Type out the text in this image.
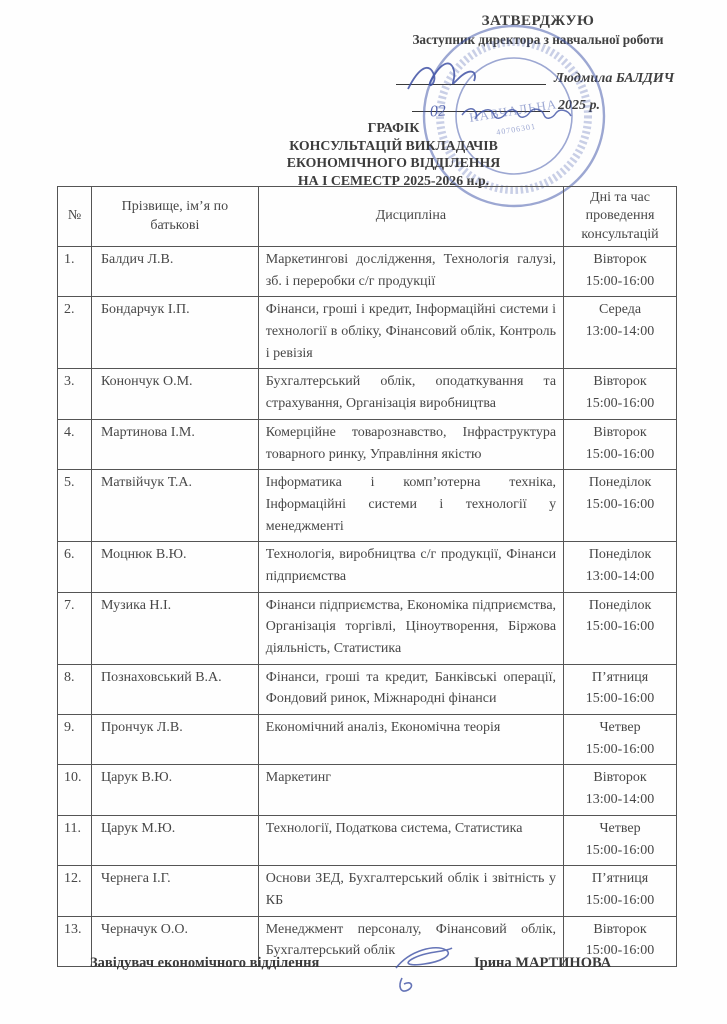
ЗАТВЕРДЖУЮ
Заступник директора з навчальної роботи
Людмила БАЛДИЧ
2025 р.
02 НАВЧАЛЬНА
40706301
ГРАФІК
КОНСУЛЬТАЦІЙ ВИКЛАДАЧІВ
ЕКОНОМІЧНОГО ВІДДІЛЕННЯ
НА І СЕМЕСТР 2025-2026 н.р.
№	Прізвище, ім’я по батькові	Дисципліна	Дні та час проведення консультацій
1.	Балдич Л.В.	Маркетингові дослідження, Технологія галузі, зб. і переробки с/г продукції	Вівторок
15:00-16:00

2.	Бондарчук І.П.	Фінанси, гроші і кредит, Інформаційні системи і технології в обліку, Фінансовий облік, Контроль і ревізія	Середа
13:00-14:00

3.	Конончук О.М.	Бухгалтерський облік, оподаткування та страхування, Організація виробництва	Вівторок
15:00-16:00

4.	Мартинова І.М.	Комерційне товарознавство, Інфраструктура товарного ринку, Управління якістю	Вівторок
15:00-16:00

5.	Матвійчук Т.А.	Інформатика і комп’ютерна техніка, Інформаційні системи і технології у менеджменті	Понеділок
15:00-16:00

6.	Моцнюк В.Ю.	Технологія, виробництва с/г продукції, Фінанси підприємства	Понеділок
13:00-14:00

7.	Музика Н.І.	Фінанси підприємства, Економіка підприємства, Організація торгівлі, Ціноутворення, Біржова діяльність, Статистика	Понеділок
15:00-16:00

8.	Познаховський В.А.	Фінанси, гроші та кредит, Банківські операції, Фондовий ринок, Міжнародні фінанси	П’ятниця
15:00-16:00

9.	Прончук Л.В.	Економічний аналіз, Економічна теорія	Четвер
15:00-16:00

10.	Царук В.Ю.	Маркетинг	Вівторок
13:00-14:00

11.	Царук М.Ю.	Технології, Податкова система, Статистика	Четвер
15:00-16:00

12.	Чернега І.Г.	Основи ЗЕД, Бухгалтерський облік і звітність у КБ	П’ятниця
15:00-16:00

13.	Черначук О.О.	Менеджмент персоналу, Фінансовий облік, Бухгалтерський облік	Вівторок
15:00-16:00
Завідувач економічного відділення	Ірина МАРТИНОВА
